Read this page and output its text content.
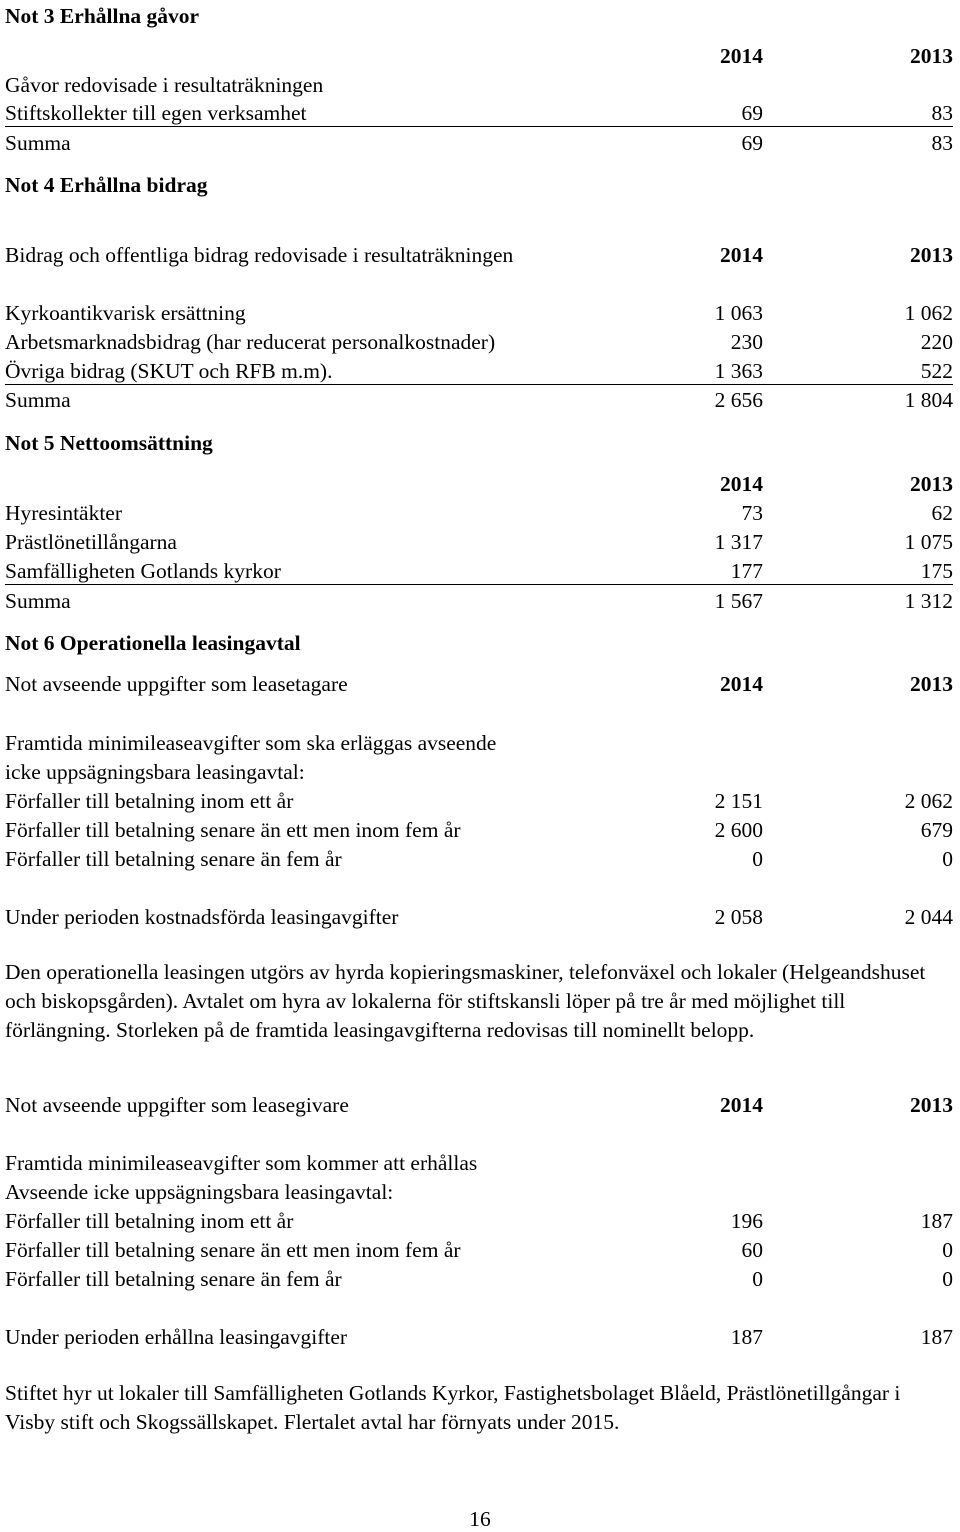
Not 3 Erhållna gåvor
2014	2013
Gåvor redovisade i resultaträkningen
Stiftskollekter till egen verksamhet	69	83
Summa	69	83
Not 4 Erhållna bidrag
Bidrag och offentliga bidrag redovisade i resultaträkningen	2014	2013
Kyrkoantikvarisk ersättning	1 063	1 062
Arbetsmarknadsbidrag (har reducerat personalkostnader)	230	220
Övriga bidrag (SKUT och RFB m.m).	1 363	522
Summa	2 656	1 804
Not 5 Nettoomsättning
2014	2013
Hyresintäkter	73	62
Prästlönetillångarna	1 317	1 075
Samfälligheten Gotlands kyrkor	177	175
Summa	1 567	1 312
Not 6 Operationella leasingavtal
Not avseende uppgifter som leasetagare	2014	2013
Framtida minimileaseavgifter som ska erläggas avseende
icke uppsägningsbara leasingavtal:
Förfaller till betalning inom ett år	2 151	2 062
Förfaller till betalning senare än ett men inom fem år	2 600	679
Förfaller till betalning senare än fem år	0	0
Under perioden kostnadsförda leasingavgifter	2 058	2 044
Den operationella leasingen utgörs av hyrda kopieringsmaskiner, telefonväxel och lokaler (Helgeandshuset och biskopsgården). Avtalet om hyra av lokalerna för stiftskansli löper på tre år med möjlighet till förlängning. Storleken på de framtida leasingavgifterna redovisas till nominellt belopp.
Not avseende uppgifter som leasegivare	2014	2013
Framtida minimileaseavgifter som kommer att erhållas
Avseende icke uppsägningsbara leasingavtal:
Förfaller till betalning inom ett år	196	187
Förfaller till betalning senare än ett men inom fem år	60	0
Förfaller till betalning senare än fem år	0	0
Under perioden erhållna leasingavgifter	187	187
Stiftet hyr ut lokaler till Samfälligheten Gotlands Kyrkor, Fastighetsbolaget Blåeld, Prästlönetillgångar i Visby stift och Skogssällskapet. Flertalet avtal har förnyats under 2015.
16
